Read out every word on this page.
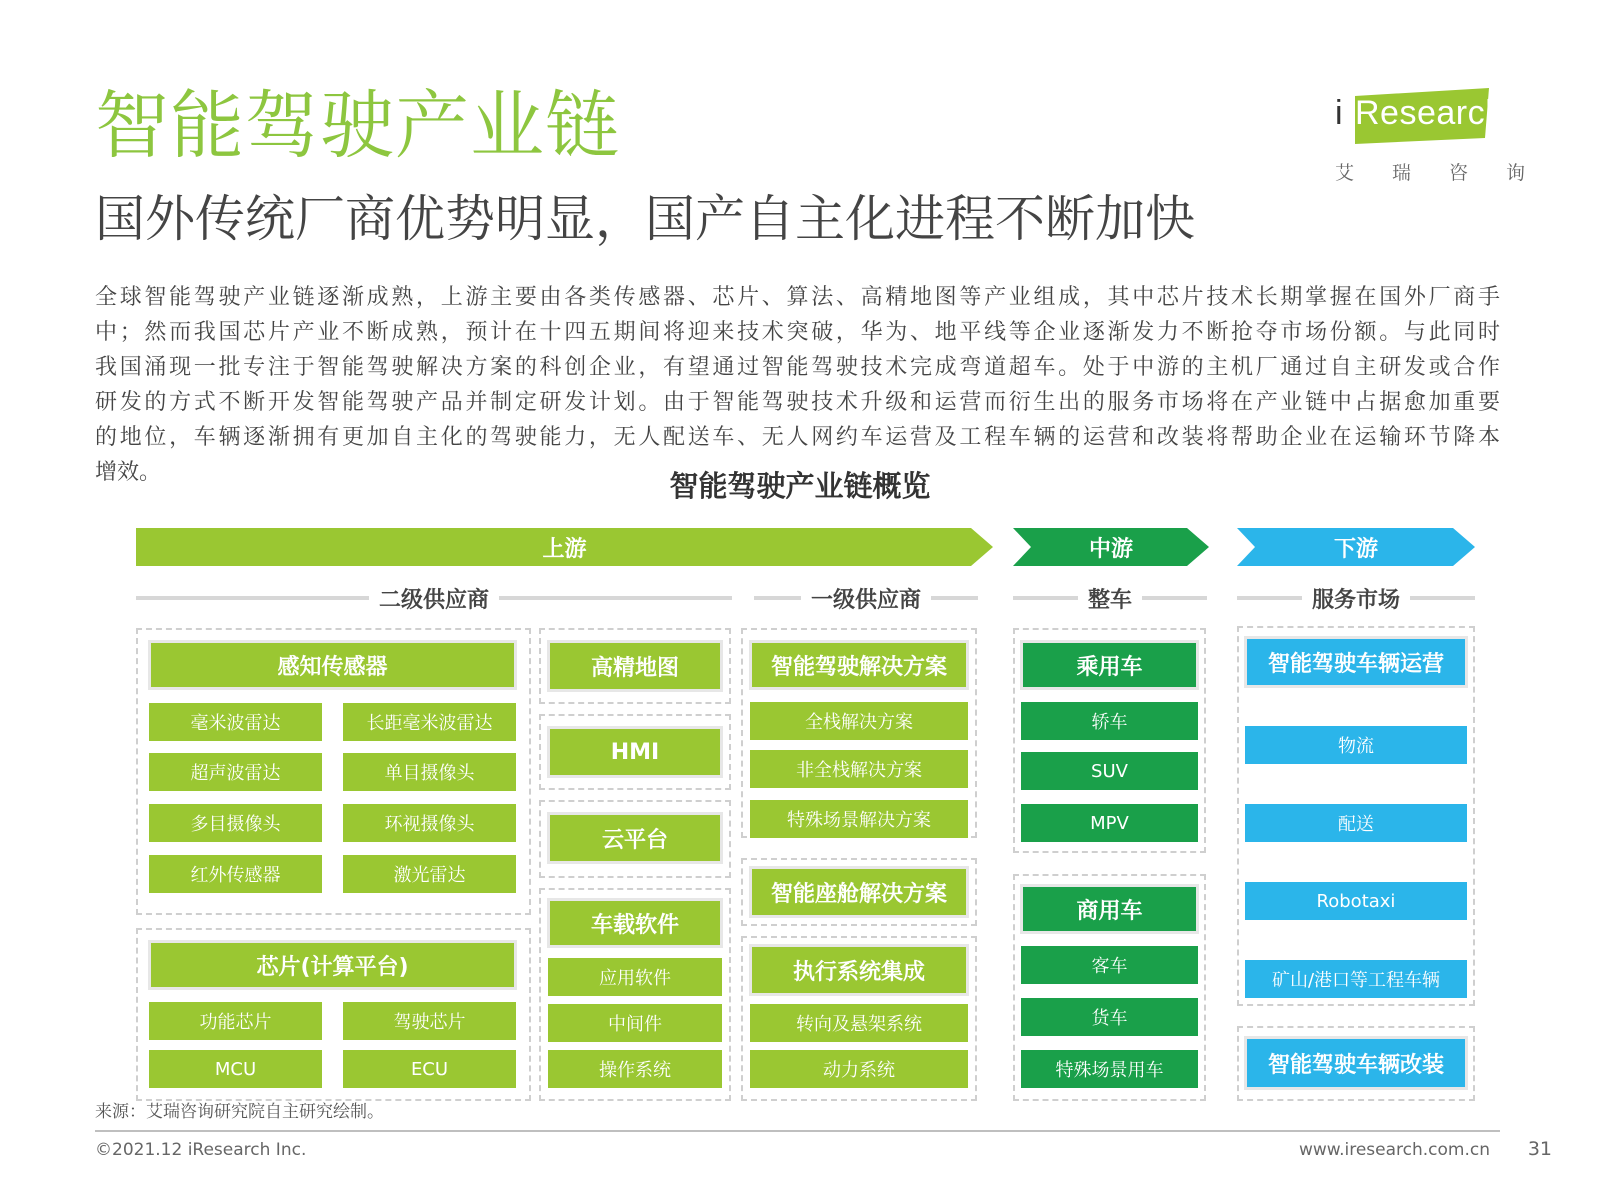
智能驾驶产业链
国外传统厂商优势明显，国产自主化进程不断加快
i Research
艾 瑞 咨 询

全球智能驾驶产业链逐渐成熟，上游主要由各类传感器、芯片、算法、高精地图等产业组成，其中芯片技术长期掌握在国外厂商手

中；然而我国芯片产业不断成熟，预计在十四五期间将迎来技术突破，华为、地平线等企业逐渐发力不断抢夺市场份额。与此同时

我国涌现一批专注于智能驾驶解决方案的科创企业，有望通过智能驾驶技术完成弯道超车。处于中游的主机厂通过自主研发或合作

研发的方式不断开发智能驾驶产品并制定研发计划。由于智能驾驶技术升级和运营而衍生出的服务市场将在产业链中占据愈加重要

的地位，车辆逐渐拥有更加自主化的驾驶能力，无人配送车、无人网约车运营及工程车辆的运营和改装将帮助企业在运输环节降本

增效。	智能驾驶产业链概览
上游	中游	下游
二级供应商	一级供应商	整车	服务市场
感知传感器
毫米波雷达	长距毫米波雷达
超声波雷达	单目摄像头
多目摄像头	环视摄像头
红外传感器	激光雷达
芯片(计算平台)
功能芯片	驾驶芯片
MCU	ECU
高精地图
HMI
云平台
车载软件
应用软件
中间件
操作系统
智能驾驶解决方案
全栈解决方案
非全栈解决方案
特殊场景解决方案
智能座舱解决方案
执行系统集成
转向及悬架系统
动力系统
乘用车
轿车
SUV
MPV
商用车
客车
货车
特殊场景用车
智能驾驶车辆运营
物流
配送
Robotaxi
矿山/港口等工程车辆
智能驾驶车辆改装
来源：艾瑞咨询研究院自主研究绘制。
©2021.12 iResearch Inc.	www.iresearch.com.cn 31
